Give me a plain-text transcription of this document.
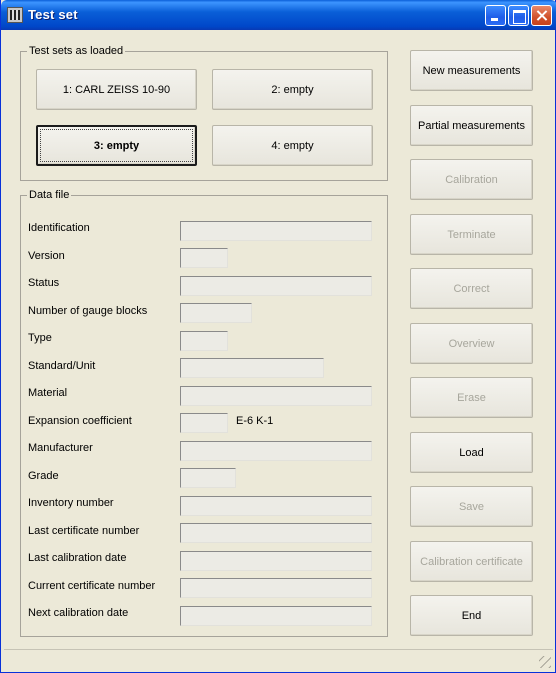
Test set
Test sets as loaded
1: CARL ZEISS 10-90	2: empty
3: empty	4: empty
Data file
Identification
Version
Status
Number of gauge blocks
Type
Standard/Unit
Material
Expansion coefficient	E-6 K-1
Manufacturer
Grade
Inventory number
Last certificate number
Last calibration date
Current certificate number
Next calibration date
New measurements
Partial measurements
Calibration
Terminate
Correct
Overview
Erase
Load
Save
Calibration certificate
End
